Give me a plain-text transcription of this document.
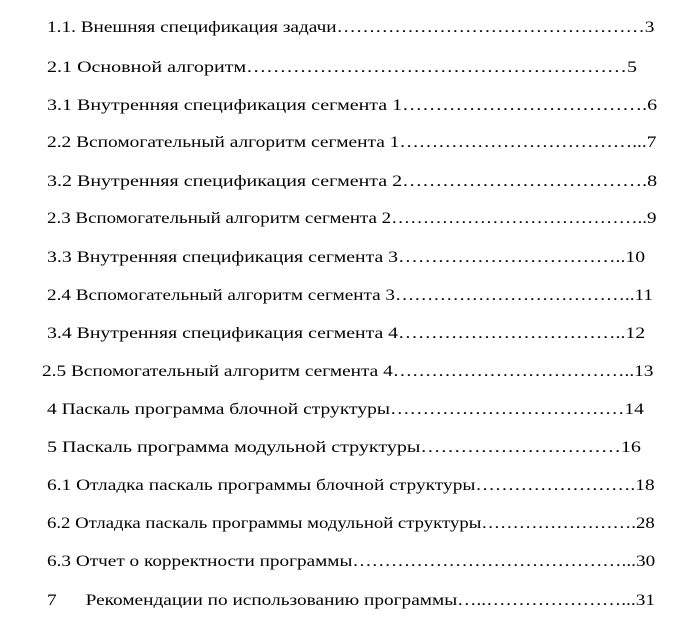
1.1. Внешняя спецификация задачи…………………………………………3

2.1 Основной алгоритм…………………………………………………5

3.1 Внутренняя спецификация сегмента 1……………………………….6

2.2 Вспомогательный алгоритм сегмента 1………………………………...7

3.2 Внутренняя спецификация сегмента 2……………………………….8

2.3 Вспомогательный алгоритм сегмента 2…………………………………..9

3.3 Внутренняя спецификация сегмента 3……………………………..10

2.4 Вспомогательный алгоритм сегмента 3………………………………..11

3.4 Внутренняя спецификация сегмента 4……………………………..12

2.5 Вспомогательный алгоритм сегмента 4………………………………..13

4 Паскаль программа блочной структуры………………………………14

5 Паскаль программа модульной структуры…………………………16

6.1 Отладка паскаль программы блочной структуры…………………….18

6.2 Отладка паскаль программы модульной структуры…………………….28

6.3 Отчет о корректности программы……………………………………...30

7      Рекомендации по использованию программы…..…………………...31
